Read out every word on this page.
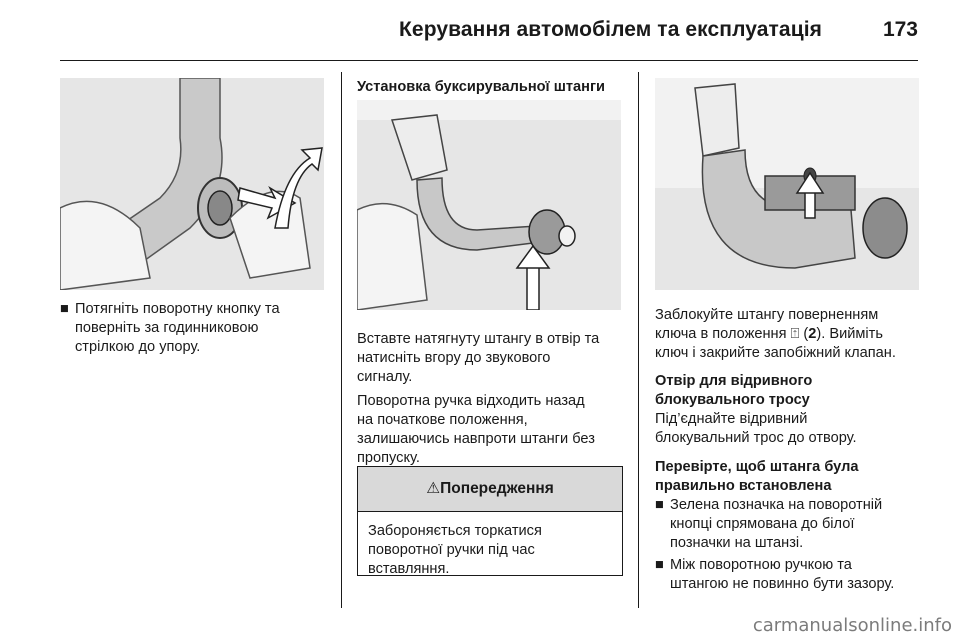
Керування автомобілем та експлуатація	173
■ Потягніть поворотну кнопку та
поверніть за годинниковою
стрілкою до упору.
Установка буксирувальної штанги
Вставте натягнуту штангу в отвір та
натисніть вгору до звукового
сигналу.
Поворотна ручка відходить назад
на початкове положення,
залишаючись навпроти штанги без
пропуску.
⚠Попередження
Забороняється торкатися
поворотної ручки під час
вставляння.
Заблокуйте штангу поверненням
ключа в положення ⍐ (2). Вийміть
ключ і закрийте запобіжний клапан.
Отвір для відривного
блокувального тросу
Під’єднайте відривний
блокувальний трос до отвору.
Перевірте, щоб штанга була
правильно встановлена
■ Зелена позначка на поворотній
кнопці спрямована до білої
позначки на штанзі.
■ Між поворотною ручкою та
штангою не повинно бути зазору.
carmanualsonline.info
